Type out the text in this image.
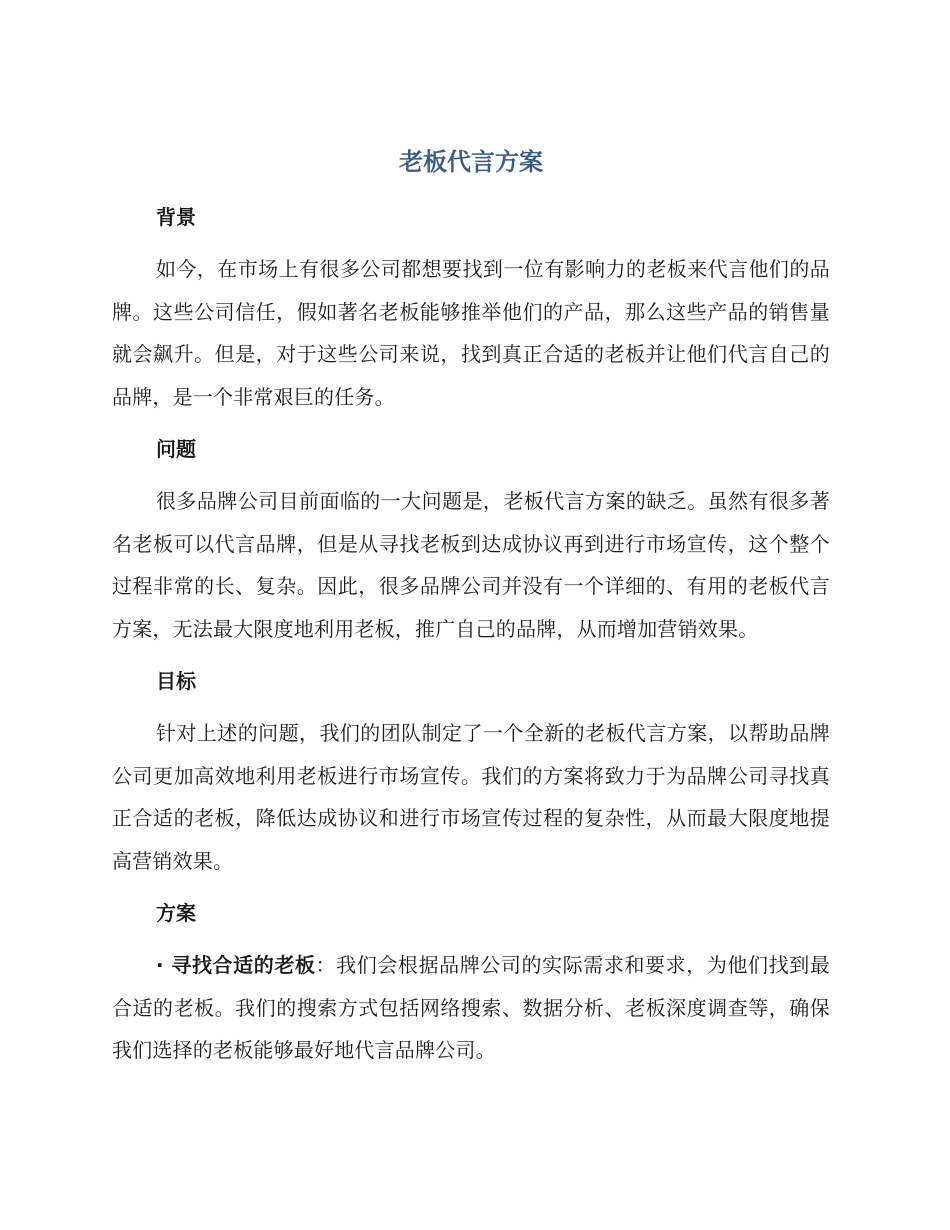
老板代言方案
背景

如今，在市场上有很多公司都想要找到一位有影响力的老板来代言他们的品牌。这些公司信任，假如著名老板能够推举他们的产品，那么这些产品的销售量就会飙升。但是，对于这些公司来说，找到真正合适的老板并让他们代言自己的品牌，是一个非常艰巨的任务。

问题

很多品牌公司目前面临的一大问题是，老板代言方案的缺乏。虽然有很多著名老板可以代言品牌，但是从寻找老板到达成协议再到进行市场宣传，这个整个过程非常的长、复杂。因此，很多品牌公司并没有一个详细的、有用的老板代言方案，无法最大限度地利用老板，推广自己的品牌，从而增加营销效果。

目标

针对上述的问题，我们的团队制定了一个全新的老板代言方案，以帮助品牌公司更加高效地利用老板进行市场宣传。我们的方案将致力于为品牌公司寻找真正合适的老板，降低达成协议和进行市场宣传过程的复杂性，从而最大限度地提高营销效果。

方案

· 寻找合适的老板：我们会根据品牌公司的实际需求和要求，为他们找到最合适的老板。我们的搜索方式包括网络搜索、数据分析、老板深度调查等，确保我们选择的老板能够最好地代言品牌公司。
